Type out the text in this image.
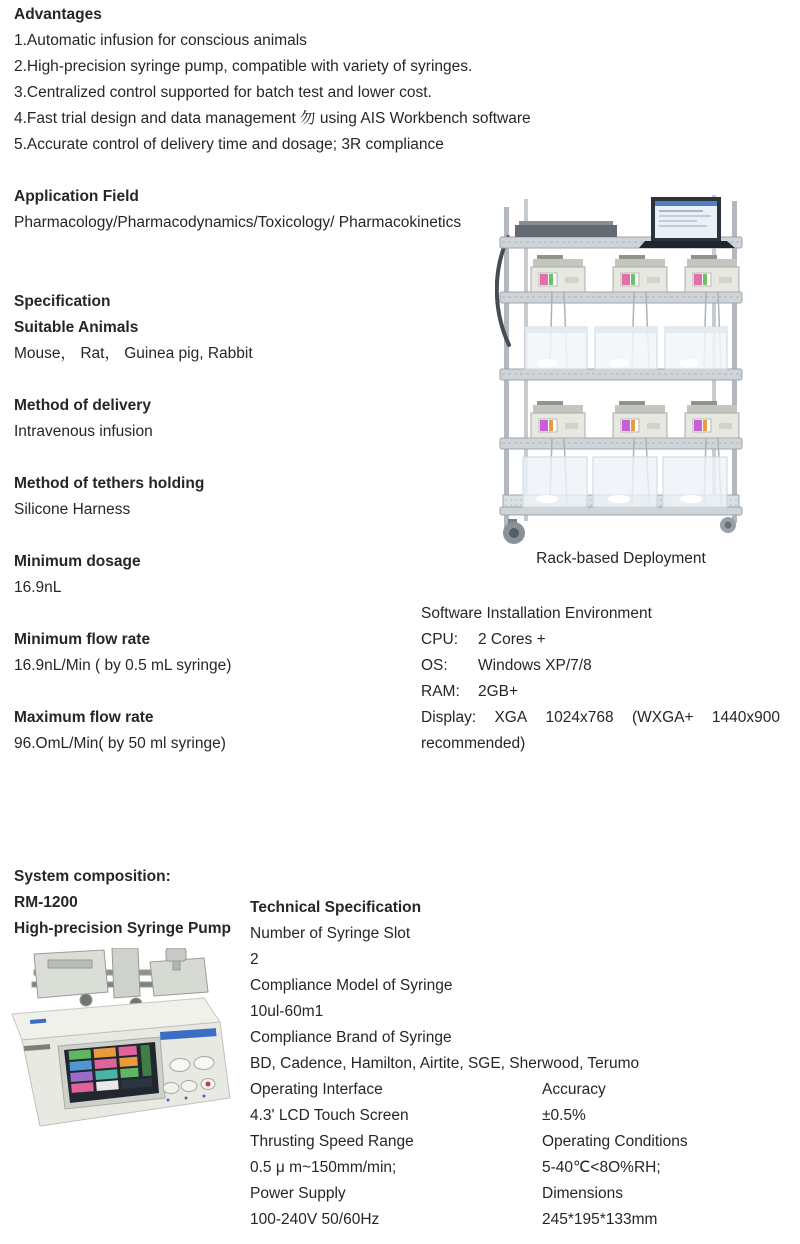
Advantages
1.Automatic infusion for conscious animals
2.High-precision syringe pump, compatible with variety of syringes.
3.Centralized control supported for batch test and lower cost.
4.Fast trial design and data management 勿 using AIS Workbench software
5.Accurate control of delivery time and dosage; 3R compliance
Application Field
Pharmacology/Pharmacodynamics/Toxicology/ Pharmacokinetics
Specification
Suitable Animals
Mouse， Rat， Guinea pig, Rabbit
Method of delivery
Intravenous infusion
Method of tethers holding
Silicone Harness
Minimum dosage
16.9nL
Minimum flow rate
16.9nL/Min ( by 0.5 mL syringe)
Maximum flow rate
96.OmL/Min( by 50 ml syringe)
Rack-based Deployment
Software Installation Environment
CPU: 2 Cores +
OS: Windows XP/7/8
RAM: 2GB+
Display: XGA 1024x768 (WXGA+ 1440x900
recommended)
System composition:
RM-1200
High-precision Syringe Pump
Technical Specification
Number of Syringe Slot
2
Compliance Model of Syringe
10ul-60m1
Compliance Brand of Syringe
BD, Cadence, Hamilton, Airtite, SGE, Sherwood, Terumo
Operating Interface	Accuracy
4.3' LCD Touch Screen	±0.5%
Thrusting Speed Range	Operating Conditions
0.5 μ m~150mm/min;	5-40℃<8O%RH;
Power Supply	Dimensions
100-240V 50/60Hz	245*195*133mm
